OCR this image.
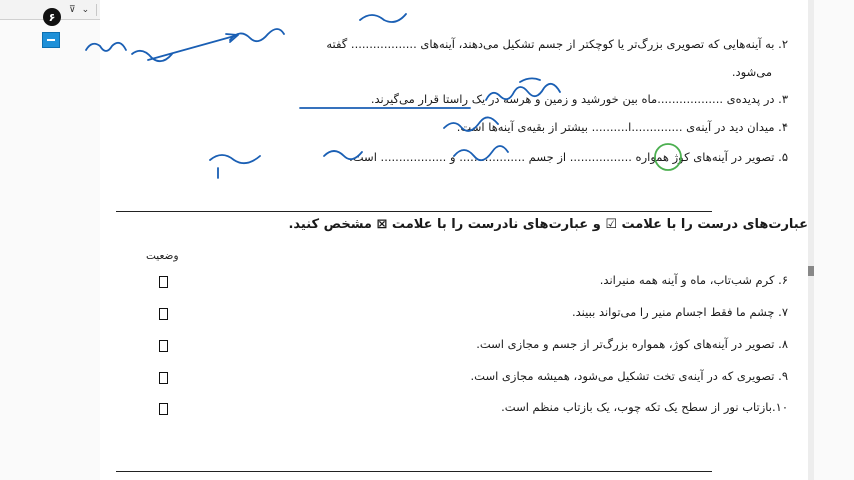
⊽ ⌄
۶
۲. به آینه‌هایی که تصویری بزرگ‌تر یا کوچکتر از جسم تشکیل می‌دهند، آینه‌های .................. گفته
می‌شود.
۳. در پدیده‌ی ..................ماه بین خورشید و زمین و هرسه در یک راستا قرار می‌گیرند.
۴. میدان دید در آینه‌ی ..............ا.......... بیشتر از بقیه‌ی آینه‌ها است.
۵. تصویر در آینه‌های کوژ همواره ................. از جسم .................. و .................. است.
عبارت‌های درست را با علامت ☑ و عبارت‌های نادرست را با علامت ⊠ مشخص کنید.
وضعیت
۶. کرم شب‌تاب، ماه و آینه همه منیراند.
۷. چشم ما فقط اجسام منیر را می‌تواند ببیند.
۸. تصویر در آینه‌های کوژ، همواره بزرگ‌تر از جسم و مجازی است.
۹. تصویری که در آینه‌ی تخت تشکیل می‌شود، همیشه مجازی است.
۱۰.بازتاب نور از سطح یک تکه چوب، یک بازتاب منظم است.
